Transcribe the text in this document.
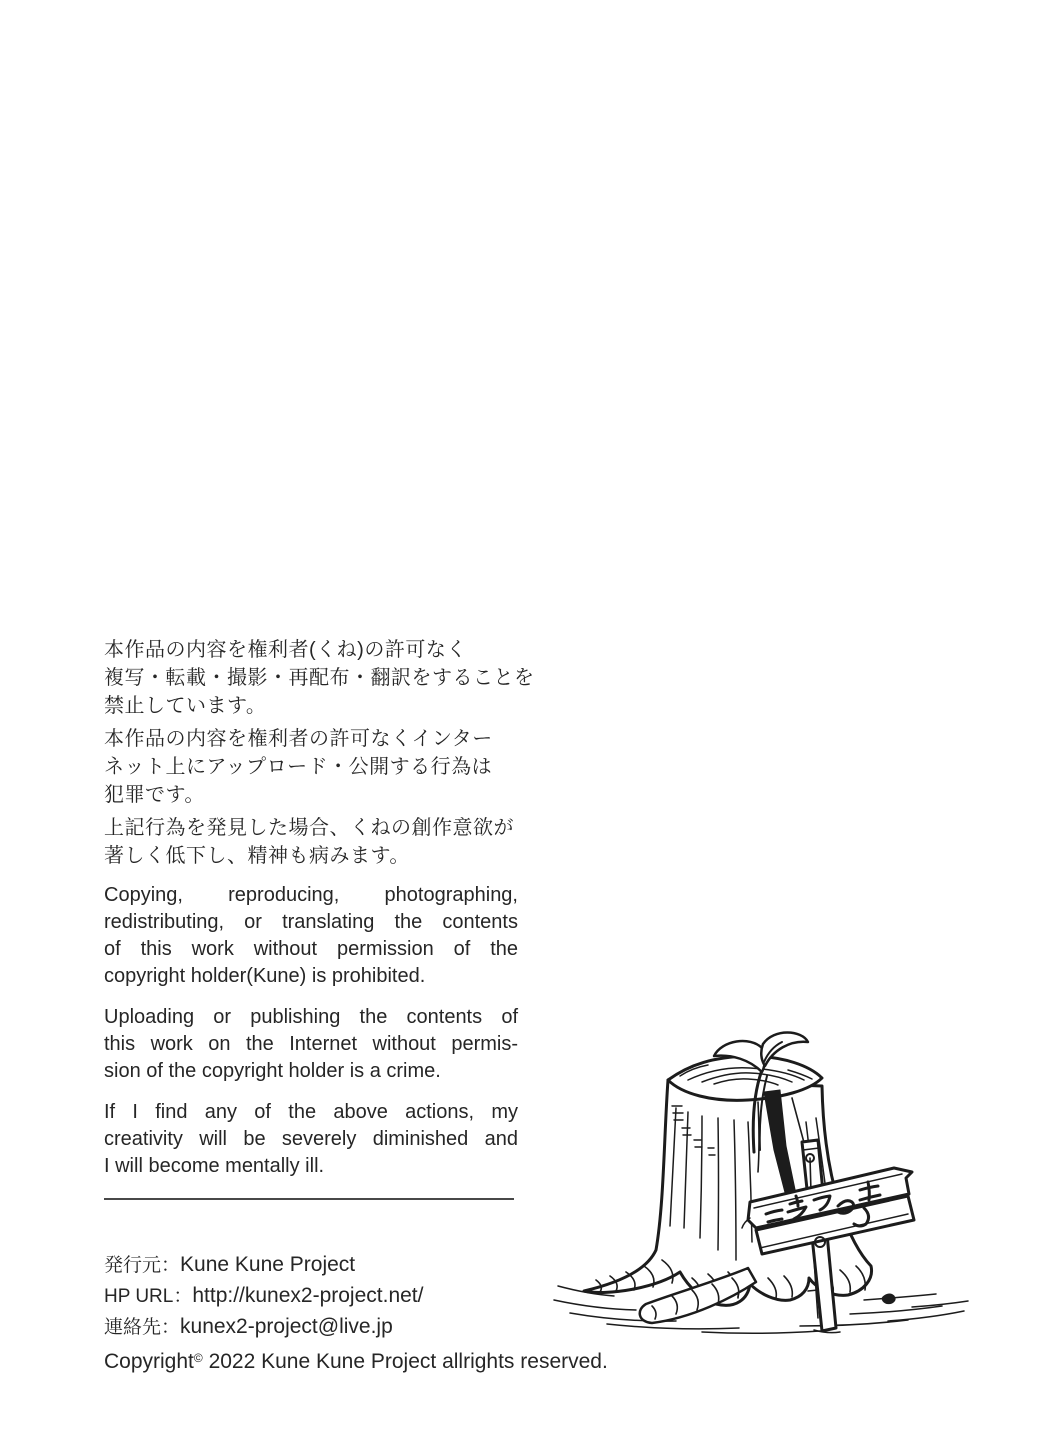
本作品の内容を権利者(くね)の許可なく
複写・転載・撮影・再配布・翻訳をすることを
禁止しています。

本作品の内容を権利者の許可なくインター
ネット上にアップロード・公開する行為は
犯罪です。

上記行為を発見した場合、くねの創作意欲が
著しく低下し、精神も病みます。

Copying, reproducing, photographing,
redistributing, or translating the contents
of this work without permission of the
copyright holder(Kune) is prohibited.

Uploading or publishing the contents of
this work on the Internet without permis-
sion of the copyright holder is a crime.

If I find any of the above actions, my
creativity will be severely diminished and
I will become mentally ill.

発行元：Kune Kune Project
HP URL：http://kunex2-project.net/
連絡先：kunex2-project@live.jp
Copyright© 2022 Kune Kune Project allrights reserved.
